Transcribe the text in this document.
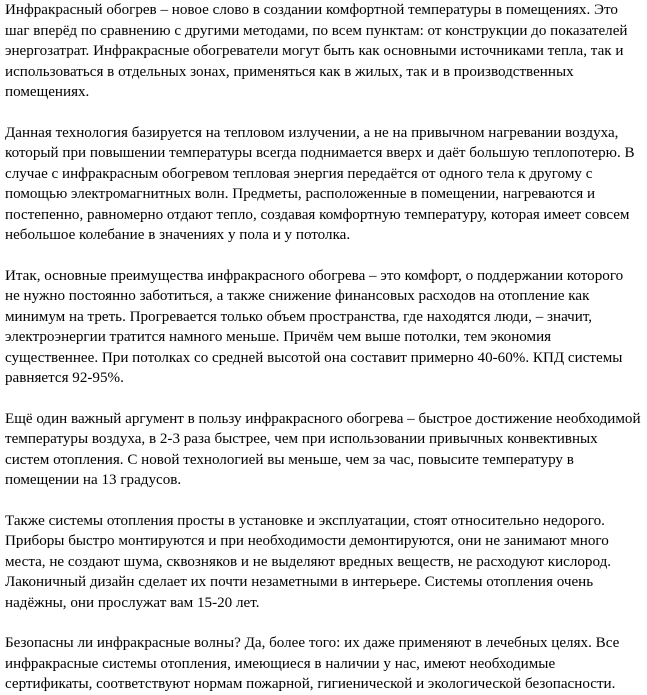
Инфракрасный обогрев – новое слово в создании комфортной температуры в помещениях. Это шаг вперёд по сравнению с другими методами, по всем пунктам: от конструкции до показателей энергозатрат. Инфракрасные обогреватели могут быть как основными источниками тепла, так и использоваться в отдельных зонах, применяться как в жилых, так и в производственных помещениях.

Данная технология базируется на тепловом излучении, а не на привычном нагревании воздуха, который при повышении температуры всегда поднимается вверх и даёт большую теплопотерю. В случае с инфракрасным обогревом тепловая энергия передаётся от одного тела к другому с помощью электромагнитных волн. Предметы, расположенные в помещении, нагреваются и постепенно, равномерно отдают тепло, создавая комфортную температуру, которая имеет совсем небольшое колебание в значениях у пола и у потолка.

Итак, основные преимущества инфракрасного обогрева – это комфорт, о поддержании которого не нужно постоянно заботиться, а также снижение финансовых расходов на отопление как минимум на треть. Прогревается только объем пространства, где находятся люди, – значит, электроэнергии тратится намного меньше. Причём чем выше потолки, тем экономия существеннее. При потолках со средней высотой она составит примерно 40-60%. КПД системы равняется 92-95%.

Ещё один важный аргумент в пользу инфракрасного обогрева – быстрое достижение необходимой температуры воздуха, в 2-3 раза быстрее, чем при использовании привычных конвективных систем отопления. С новой технологией вы меньше, чем за час, повысите температуру в помещении на 13 градусов.

Также системы отопления просты в установке и эксплуатации, стоят относительно недорого. Приборы быстро монтируются и при необходимости демонтируются, они не занимают много места, не создают шума, сквозняков и не выделяют вредных веществ, не расходуют кислород. Лаконичный дизайн сделает их почти незаметными в интерьере. Системы отопления очень надёжны, они прослужат вам 15-20 лет.

Безопасны ли инфракрасные волны? Да, более того: их даже применяют в лечебных целях. Все инфракрасные системы отопления, имеющиеся в наличии у нас, имеют необходимые сертификаты, соответствуют нормам пожарной, гигиенической и экологической безопасности.
